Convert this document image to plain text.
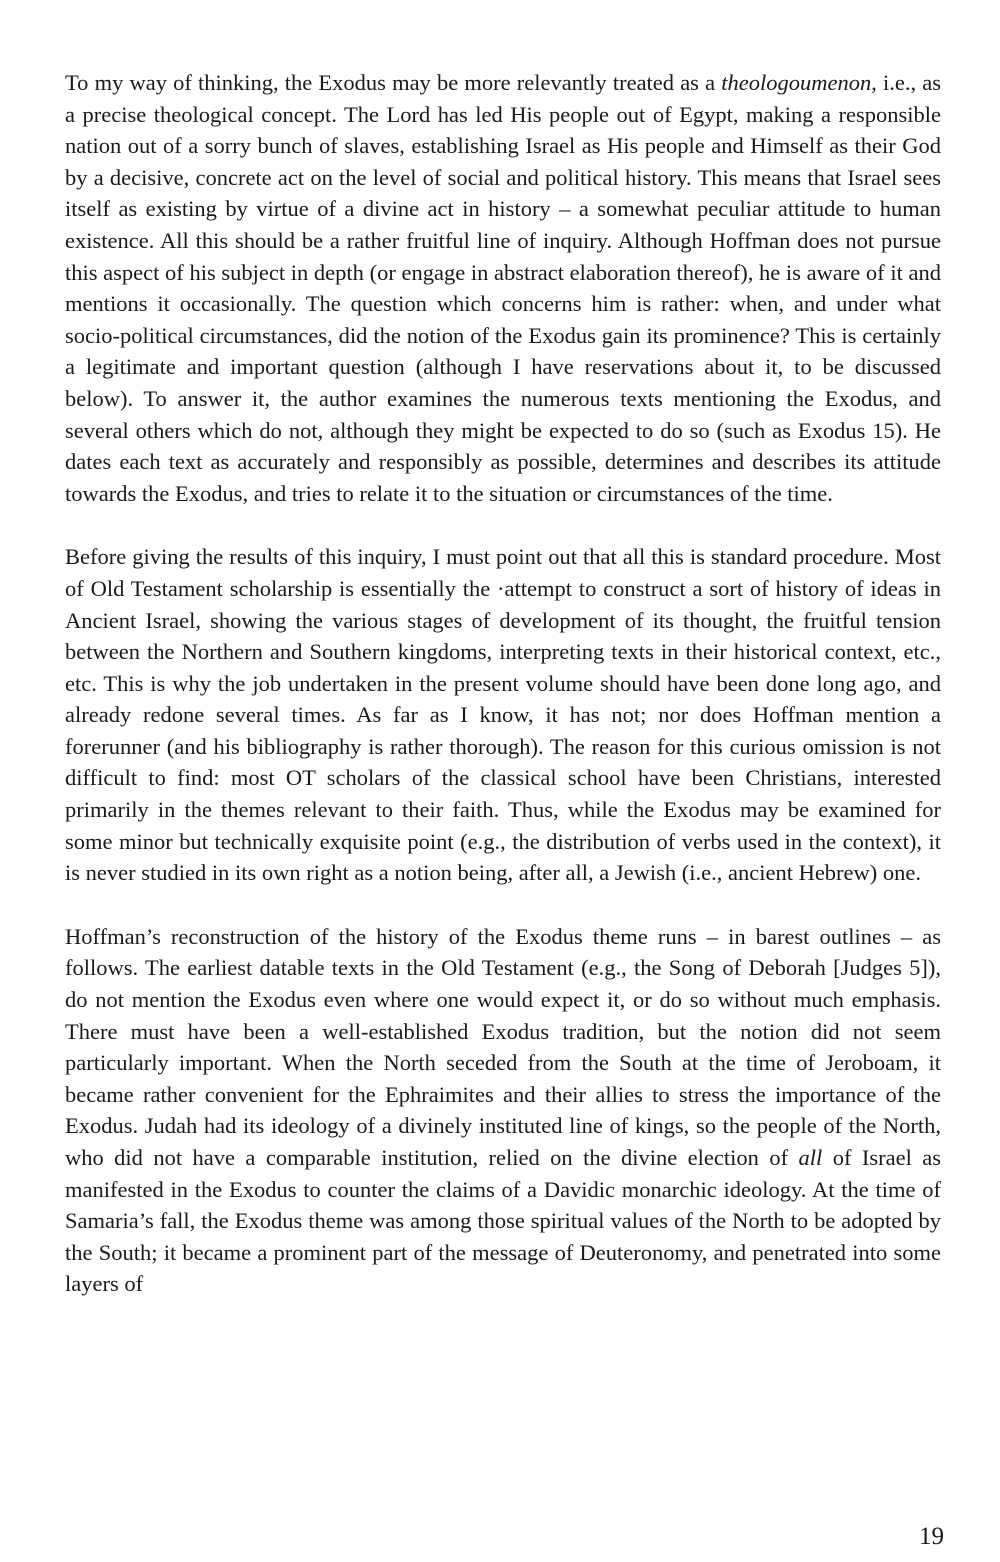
To my way of thinking, the Exodus may be more relevantly treated as a theologoumenon, i.e., as a precise theological concept. The Lord has led His people out of Egypt, making a responsible nation out of a sorry bunch of slaves, establishing Israel as His people and Himself as their God by a decisive, concrete act on the level of social and political history. This means that Israel sees itself as existing by virtue of a divine act in history – a somewhat peculiar attitude to human existence. All this should be a rather fruitful line of inquiry. Although Hoffman does not pursue this aspect of his subject in depth (or engage in abstract elaboration thereof), he is aware of it and mentions it occasionally. The question which concerns him is rather: when, and under what socio-political circumstances, did the notion of the Exodus gain its prominence? This is certainly a legitimate and important question (although I have reservations about it, to be discussed below). To answer it, the author examines the numerous texts mentioning the Exodus, and several others which do not, although they might be expected to do so (such as Exodus 15). He dates each text as accurately and responsibly as possible, determines and describes its attitude towards the Exodus, and tries to relate it to the situation or circumstances of the time.

Before giving the results of this inquiry, I must point out that all this is standard procedure. Most of Old Testament scholarship is essentially the ·attempt to construct a sort of history of ideas in Ancient Israel, showing the various stages of development of its thought, the fruitful tension between the Northern and Southern kingdoms, interpreting texts in their historical context, etc., etc. This is why the job undertaken in the present volume should have been done long ago, and already redone several times. As far as I know, it has not; nor does Hoffman mention a forerunner (and his bibliography is rather thorough). The reason for this curious omission is not difficult to find: most OT scholars of the classical school have been Christians, interested primarily in the themes relevant to their faith. Thus, while the Exodus may be examined for some minor but technically exquisite point (e.g., the distribution of verbs used in the context), it is never studied in its own right as a notion being, after all, a Jewish (i.e., ancient Hebrew) one.

Hoffman’s reconstruction of the history of the Exodus theme runs – in barest outlines – as follows. The earliest datable texts in the Old Testament (e.g., the Song of Deborah [Judges 5]), do not mention the Exodus even where one would expect it, or do so without much emphasis. There must have been a well-established Exodus tradition, but the notion did not seem particularly important. When the North seceded from the South at the time of Jeroboam, it became rather convenient for the Ephraimites and their allies to stress the importance of the Exodus. Judah had its ideology of a divinely instituted line of kings, so the people of the North, who did not have a comparable institution, relied on the divine election of all of Israel as manifested in the Exodus to counter the claims of a Davidic monarchic ideology. At the time of Samaria’s fall, the Exodus theme was among those spiritual values of the North to be adopted by the South; it became a prominent part of the message of Deuteronomy, and penetrated into some layers of

19
